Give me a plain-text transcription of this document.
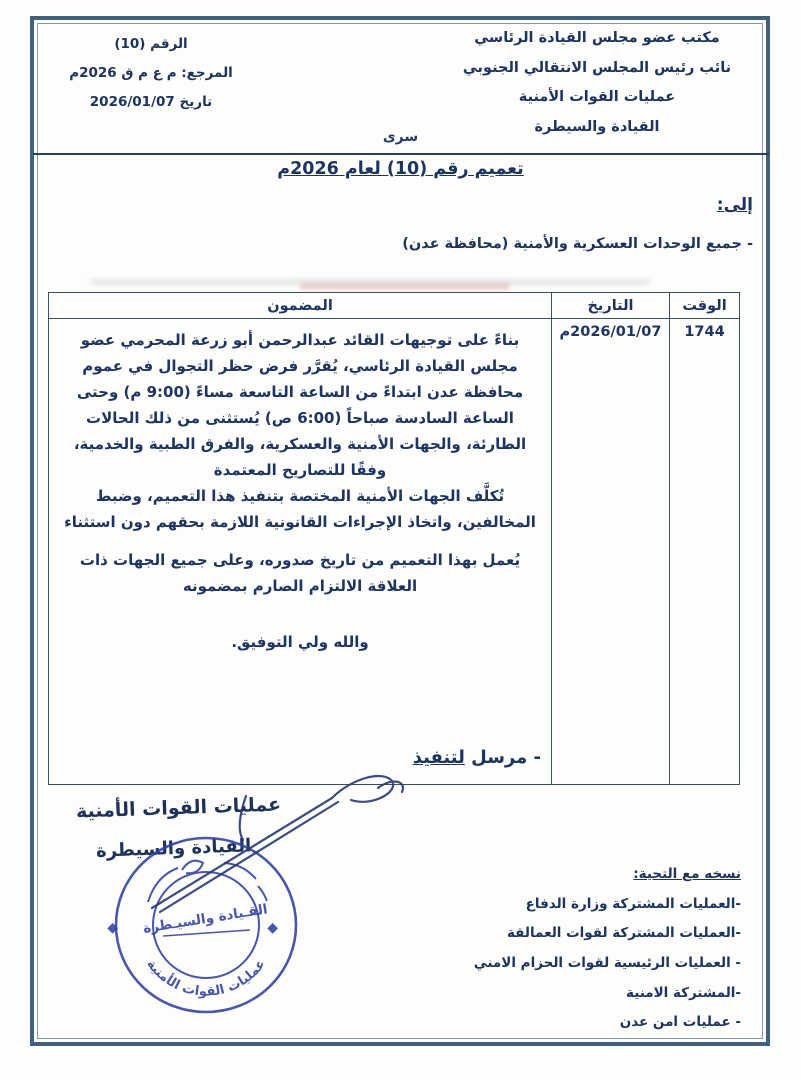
مكتب عضو مجلس القيادة الرئاسي
نائب رئيس المجلس الانتقالي الجنوبي
عمليات القوات الأمنية
القيادة والسيطرة
الرقم (10)
المرجع: م ع م ق 2026م
تاريخ 2026/01/07
سرى
تعميم رقم (10) لعام 2026م
إلى:
- جميع الوحدات العسكرية والأمنية (محافظة عدن)
الوقت	التاريخ	المضمون
1744	2026/01/07م	بناءً على توجيهات القائد عبدالرحمن أبو زرعة المحرمي عضو مجلس القيادة الرئاسي، يُقرَّر فرض حظر التجوال في عموم محافظة عدن ابتداءً من الساعة التاسعة مساءً (9:00 م) وحتى الساعة السادسة صباحاً (6:00 ص) يُستثنى من ذلك الحالات الطارئة، والجهات الأمنية والعسكرية، والفرق الطبية والخدمية، وفقًا للتصاريح المعتمدة
تُكلَّف الجهات الأمنية المختصة بتنفيذ هذا التعميم، وضبط المخالفين، واتخاذ الإجراءات القانونية اللازمة بحقهم دون استثناء
يُعمل بهذا التعميم من تاريخ صدوره، وعلى جميع الجهات ذات العلاقة الالتزام الصارم بمضمونه
والله ولي التوفيق.
- مرسل لتنفيذ
عمليات القوات الأمنية
القيادة والسيطرة
◆	◆
القـيادة والسيـطرة
عمليات القوات الأمنية
نسخه مع التحية:
-العمليات المشتركة وزارة الدفاع
-العمليات المشتركة لقوات العمالقة
- العمليات الرئيسية لقوات الحزام الامني
-المشتركة الامنية
- عمليات امن عدن
